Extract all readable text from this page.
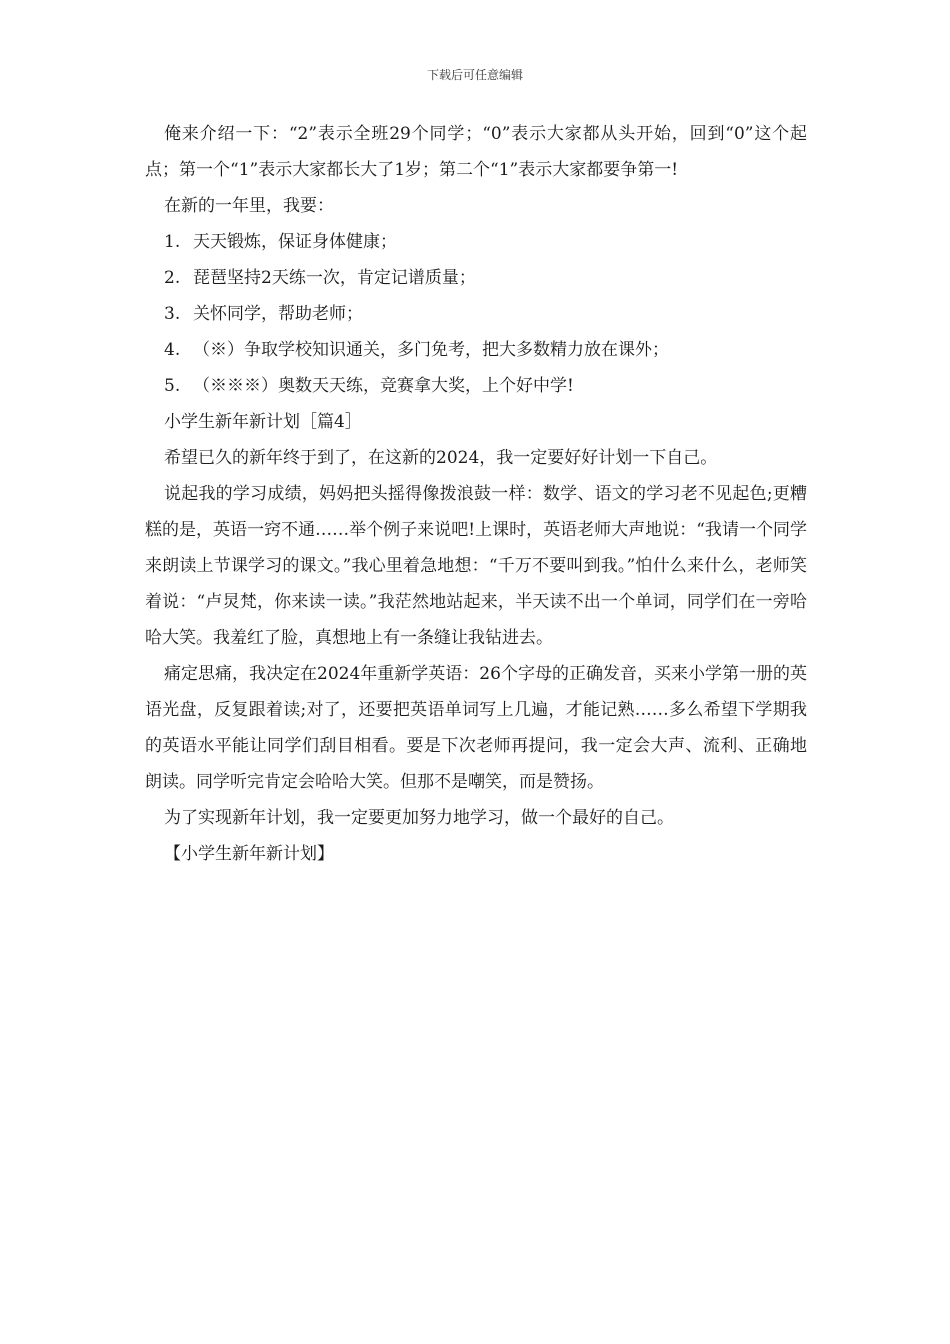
下载后可任意编辑

俺来介绍一下：“2”表示全班29个同学；“0”表示大家都从头开始，回到“0”这个起点；第一个“1”表示大家都长大了1岁；第二个“1”表示大家都要争第一!

在新的一年里，我要：

1. 天天锻炼，保证身体健康；

2. 琵琶坚持2天练一次，肯定记谱质量；

3. 关怀同学，帮助老师；

4. （※）争取学校知识通关，多门免考，把大多数精力放在课外；

5. （※※※）奥数天天练，竞赛拿大奖，上个好中学!

小学生新年新计划［篇4］

希望已久的新年终于到了，在这新的2024，我一定要好好计划一下自己。

说起我的学习成绩，妈妈把头摇得像拨浪鼓一样：数学、语文的学习老不见起色;更糟糕的是，英语一窍不通……举个例子来说吧!上课时，英语老师大声地说：“我请一个同学来朗读上节课学习的课文。”我心里着急地想：“千万不要叫到我。”怕什么来什么，老师笑着说：“卢炅梵，你来读一读。”我茫然地站起来，半天读不出一个单词，同学们在一旁哈哈大笑。我羞红了脸，真想地上有一条缝让我钻进去。

痛定思痛，我决定在2024年重新学英语：26个字母的正确发音，买来小学第一册的英语光盘，反复跟着读;对了，还要把英语单词写上几遍，才能记熟……多么希望下学期我的英语水平能让同学们刮目相看。要是下次老师再提问，我一定会大声、流利、正确地朗读。同学听完肯定会哈哈大笑。但那不是嘲笑，而是赞扬。

为了实现新年计划，我一定要更加努力地学习，做一个最好的自己。

【小学生新年新计划】
